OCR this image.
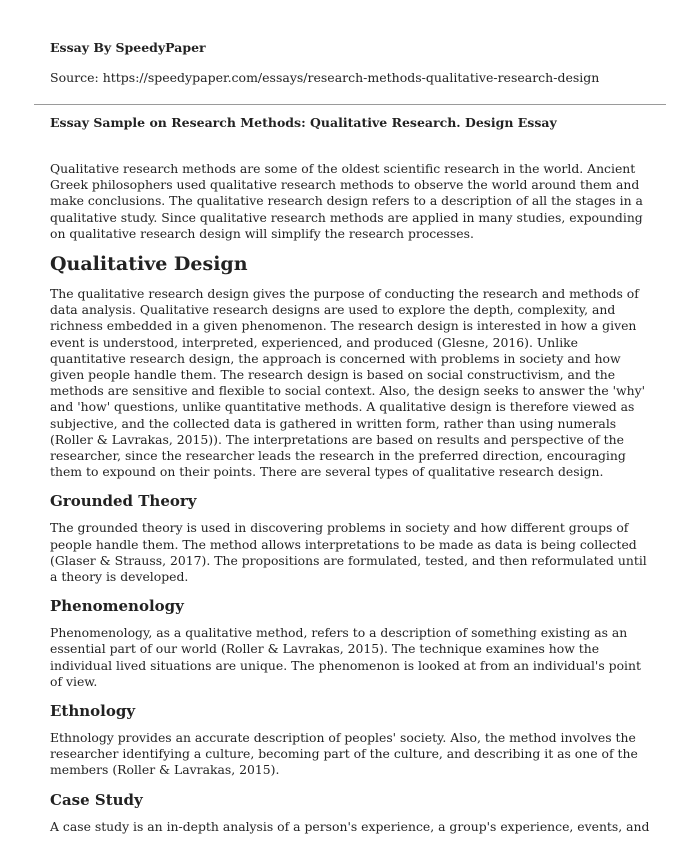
Essay By SpeedyPaper

Source: https://speedypaper.com/essays/research-methods-qualitative-research-design

Essay Sample on Research Methods: Qualitative Research. Design Essay

Qualitative research methods are some of the oldest scientific research in the world. Ancient Greek philosophers used qualitative research methods to observe the world around them and make conclusions. The qualitative research design refers to a description of all the stages in a qualitative study. Since qualitative research methods are applied in many studies, expounding on qualitative research design will simplify the research processes.

Qualitative Design

The qualitative research design gives the purpose of conducting the research and methods of data analysis. Qualitative research designs are used to explore the depth, complexity, and richness embedded in a given phenomenon. The research design is interested in how a given event is understood, interpreted, experienced, and produced (Glesne, 2016). Unlike quantitative research design, the approach is concerned with problems in society and how given people handle them. The research design is based on social constructivism, and the methods are sensitive and flexible to social context. Also, the design seeks to answer the 'why' and 'how' questions, unlike quantitative methods. A qualitative design is therefore viewed as subjective, and the collected data is gathered in written form, rather than using numerals (Roller & Lavrakas, 2015)). The interpretations are based on results and perspective of the researcher, since the researcher leads the research in the preferred direction, encouraging them to expound on their points. There are several types of qualitative research design.

Grounded Theory

The grounded theory is used in discovering problems in society and how different groups of people handle them. The method allows interpretations to be made as data is being collected (Glaser & Strauss, 2017). The propositions are formulated, tested, and then reformulated until a theory is developed.

Phenomenology

Phenomenology, as a qualitative method, refers to a description of something existing as an essential part of our world (Roller & Lavrakas, 2015). The technique examines how the individual lived situations are unique. The phenomenon is looked at from an individual's point of view.

Ethnology

Ethnology provides an accurate description of peoples' society. Also, the method involves the researcher identifying a culture, becoming part of the culture, and describing it as one of the members (Roller & Lavrakas, 2015).

Case Study

A case study is an in-depth analysis of a person's experience, a group's experience, events, and
